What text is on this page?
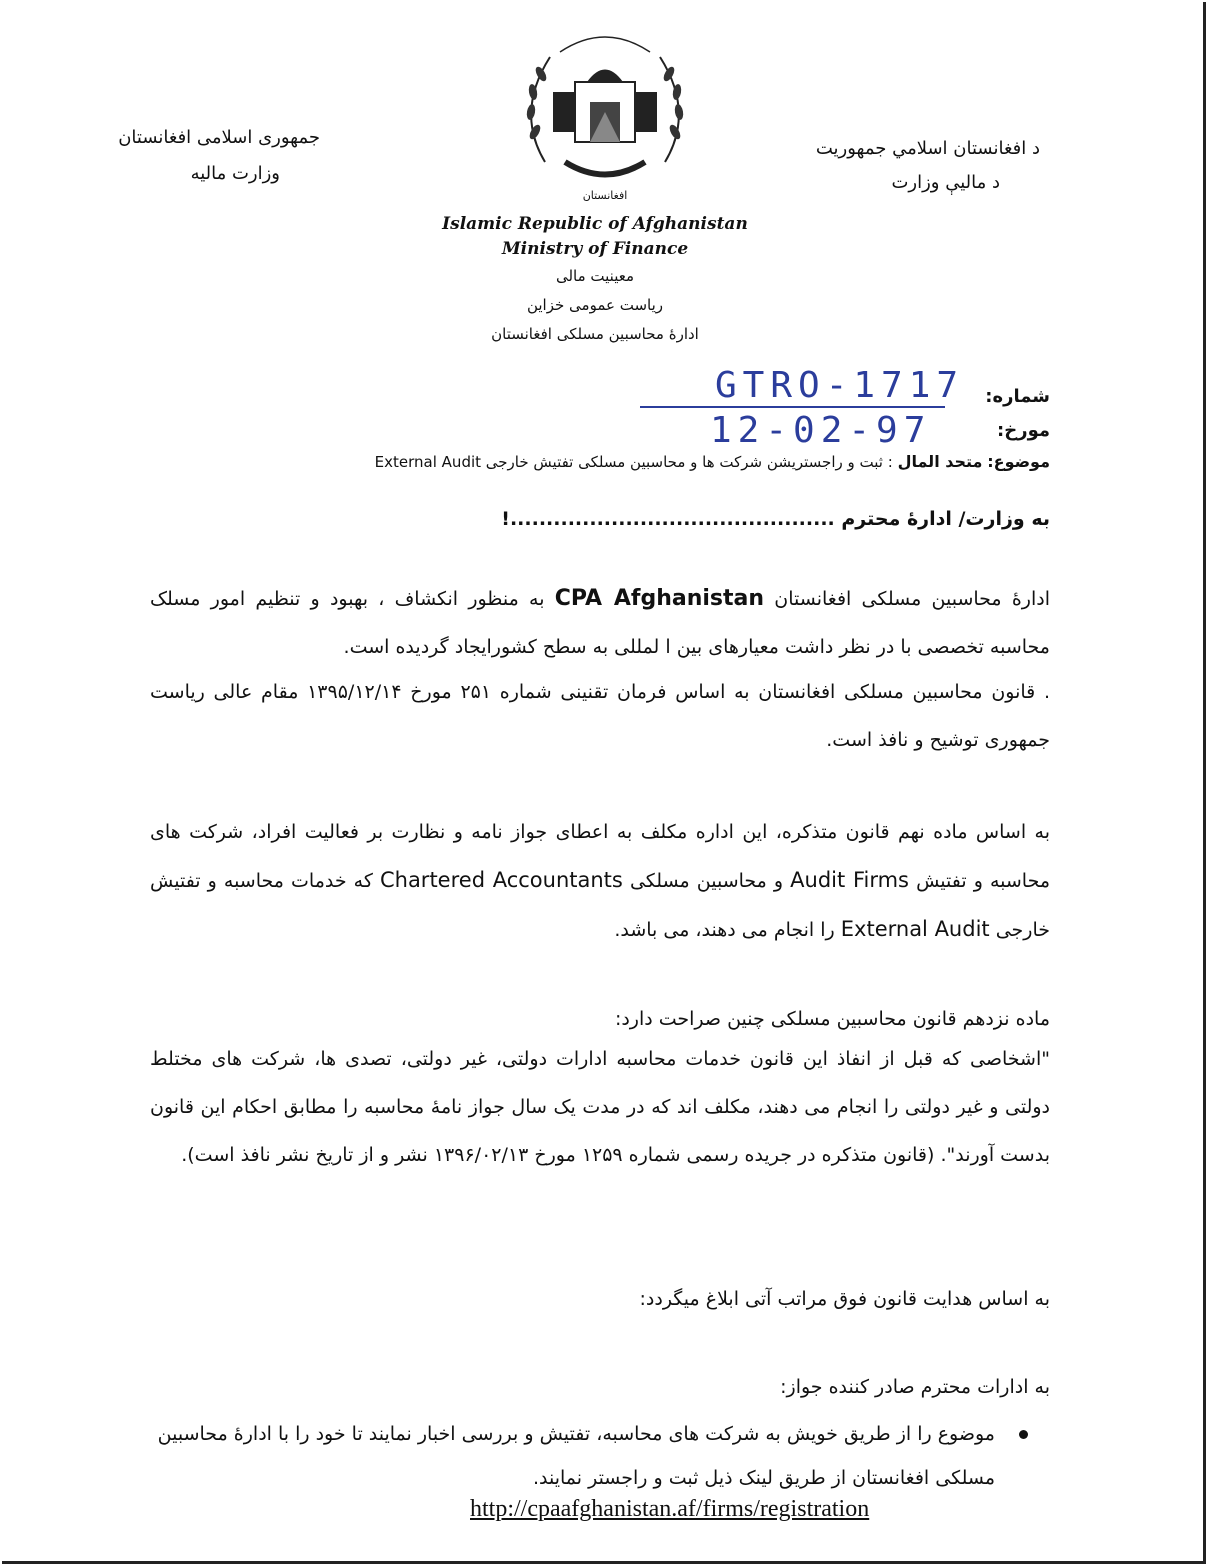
جمهوری اسلامی افغانستان
وزارت مالیه
د افغانستان اسلامي جمهوريت
د ماليې وزارت
افغانستان
Islamic Republic of Afghanistan
Ministry of Finance
معینیت مالی
ریاست عمومی خزاین
ادارۀ محاسبین مسلکی افغانستان
شماره:
GTRO-1717
مورخ:
12-02-97
موضوع: متحد المال : ثبت و راجستریشن شرکت ها و محاسبین مسلکی تفتیش خارجی External Audit
به وزارت/ ادارۀ محترم .............................................!
ادارۀ محاسبین مسلکی افغانستان CPA Afghanistan به منظور انکشاف ، بهبود و تنظیم امور مسلک محاسبه تخصصی با در نظر داشت معیارهای بین ا لمللی به سطح کشورایجاد گردیده است.
. قانون محاسبین مسلکی افغانستان به اساس فرمان تقنینی شماره ۲۵۱ مورخ ۱۳۹۵/۱۲/۱۴ مقام عالی ریاست جمهوری توشیح و نافذ است.
به اساس ماده نهم قانون متذکره، این اداره مکلف به اعطای جواز نامه و نظارت بر فعالیت افراد، شرکت های محاسبه و تفتیش Audit Firms و محاسبین مسلکی Chartered Accountants که خدمات محاسبه و تفتیش خارجی External Audit را انجام می دهند، می باشد.
ماده نزدهم قانون محاسبین مسلکی چنین صراحت دارد:
"اشخاصی که قبل از انفاذ این قانون خدمات محاسبه ادارات دولتی، غیر دولتی، تصدی ها، شرکت های مختلط دولتی و غیر دولتی را انجام می دهند، مکلف اند که در مدت یک سال جواز نامۀ محاسبه را مطابق احکام این قانون بدست آورند". (قانون متذکره در جریده رسمی شماره ۱۲۵۹ مورخ ۱۳۹۶/۰۲/۱۳ نشر و از تاریخ نشر نافذ است).
به اساس هدایت قانون فوق مراتب آتی ابلاغ میگردد:
به ادارات محترم صادر کننده جواز:
موضوع را از طریق خویش به شرکت های محاسبه، تفتیش و بررسی اخبار نمایند تا خود را با ادارۀ محاسبین مسلکی افغانستان از طریق لینک ذیل ثبت و راجستر نمایند.
http://cpaafghanistan.af/firms/registration
